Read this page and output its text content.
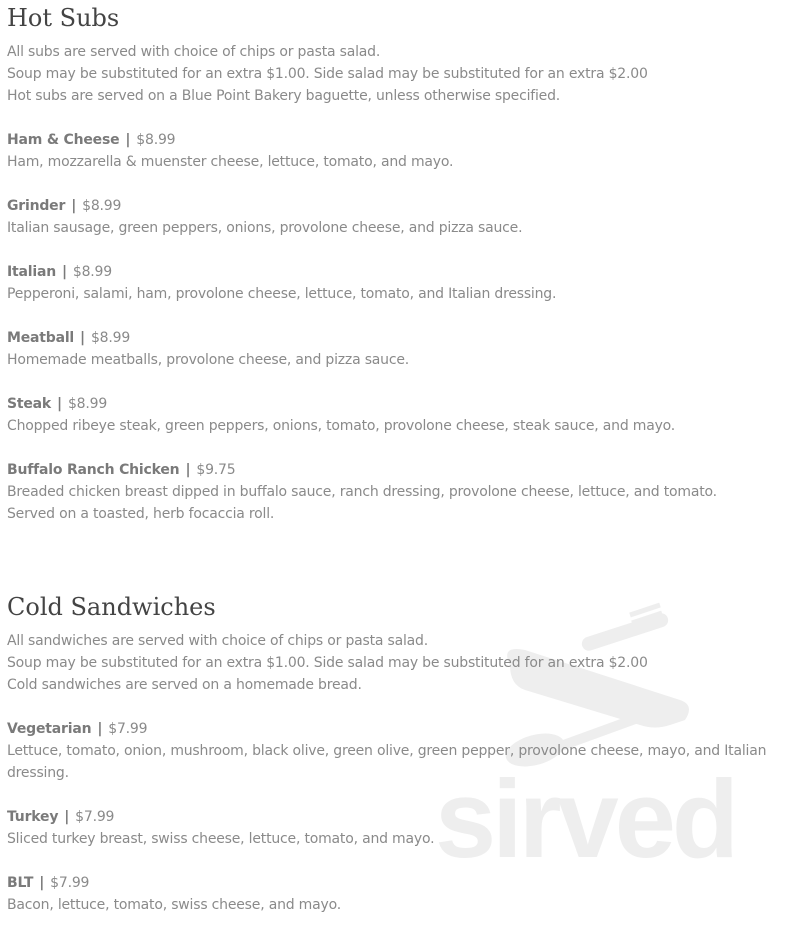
sirved
Hot Subs
All subs are served with choice of chips or pasta salad.
Soup may be substituted for an extra $1.00. Side salad may be substituted for an extra $2.00
Hot subs are served on a Blue Point Bakery baguette, unless otherwise specified.
Ham & Cheese | $8.99
Ham, mozzarella & muenster cheese, lettuce, tomato, and mayo.
Grinder | $8.99
Italian sausage, green peppers, onions, provolone cheese, and pizza sauce.
Italian | $8.99
Pepperoni, salami, ham, provolone cheese, lettuce, tomato, and Italian dressing.
Meatball | $8.99
Homemade meatballs, provolone cheese, and pizza sauce.
Steak | $8.99
Chopped ribeye steak, green peppers, onions, tomato, provolone cheese, steak sauce, and mayo.
Buffalo Ranch Chicken | $9.75
Breaded chicken breast dipped in buffalo sauce, ranch dressing, provolone cheese, lettuce, and tomato.
Served on a toasted, herb focaccia roll.
Cold Sandwiches
All sandwiches are served with choice of chips or pasta salad.
Soup may be substituted for an extra $1.00. Side salad may be substituted for an extra $2.00
Cold sandwiches are served on a homemade bread.
Vegetarian | $7.99
Lettuce, tomato, onion, mushroom, black olive, green olive, green pepper, provolone cheese, mayo, and Italian dressing.
Turkey | $7.99
Sliced turkey breast, swiss cheese, lettuce, tomato, and mayo.
BLT | $7.99
Bacon, lettuce, tomato, swiss cheese, and mayo.
